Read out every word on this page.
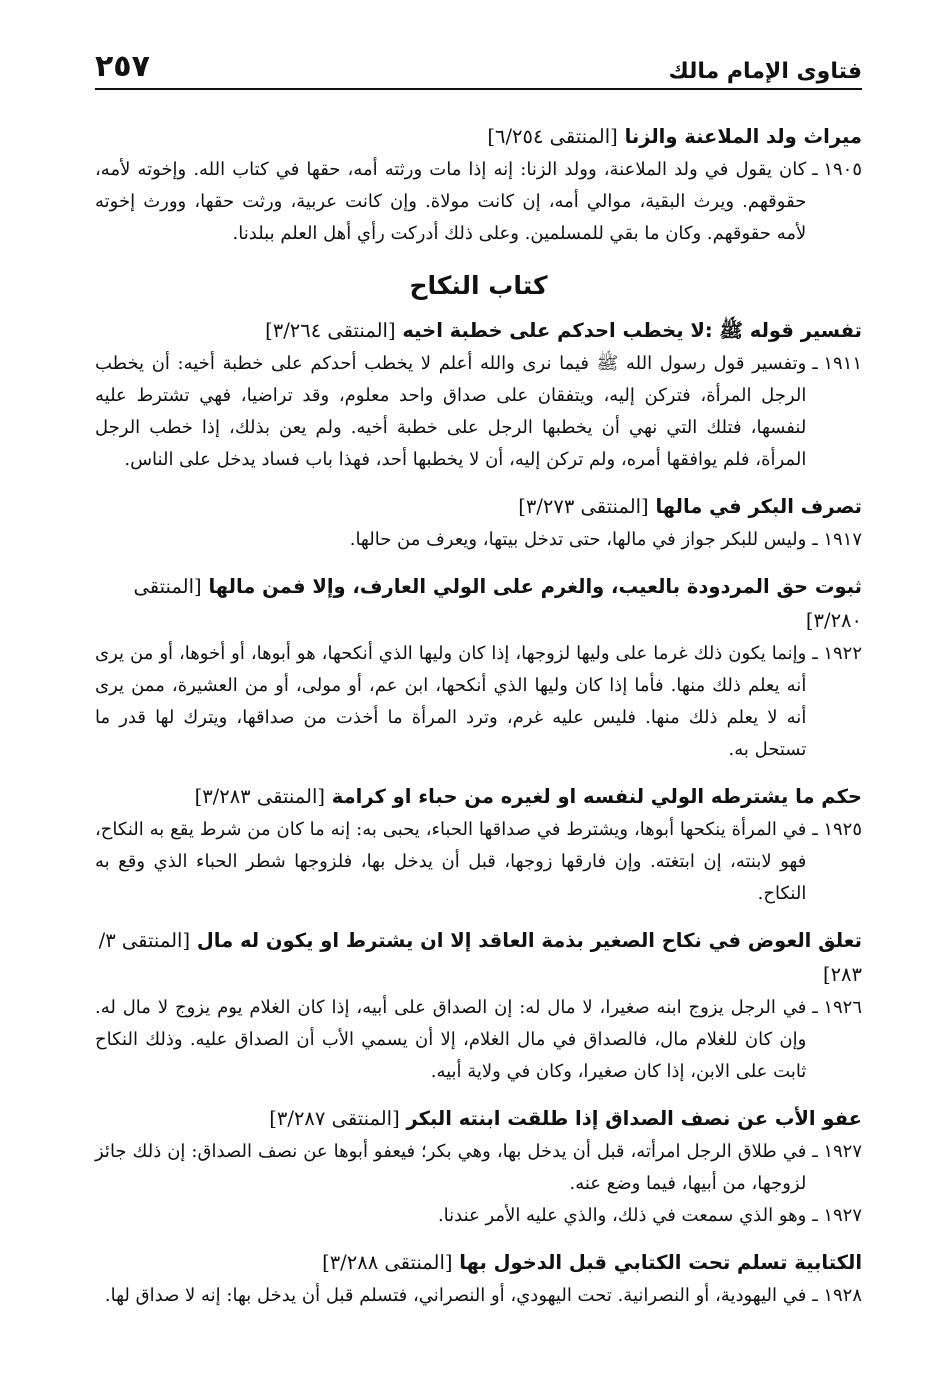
فتاوى الإمام مالك
٢٥٧

ميراث ولد الملاعنة والزنا [المنتقى ٦/٢٥٤]

١٩٠٥ ـ
كان يقول في ولد الملاعنة، وولد الزنا: إنه إذا مات ورثته أمه، حقها في كتاب الله. وإخوته لأمه، حقوقهم. ويرث البقية، موالي أمه، إن كانت مولاة. وإن كانت عربية، ورثت حقها، وورث إخوته لأمه حقوقهم. وكان ما بقي للمسلمين. وعلى ذلك أدركت رأي أهل العلم ببلدنا.
كتاب النكاح

تفسير قوله ﷺ :لا يخطب احدكم على خطبة اخيه [المنتقى ٣/٢٦٤]

١٩١١ ـ
وتفسير قول رسول الله ﷺ فيما نرى والله أعلم لا يخطب أحدكم على خطبة أخيه: أن يخطب الرجل المرأة، فتركن إليه، ويتفقان على صداق واحد معلوم، وقد تراضيا، فهي تشترط عليه لنفسها، فتلك التي نهي أن يخطبها الرجل على خطبة أخيه. ولم يعن بذلك، إذا خطب الرجل المرأة، فلم يوافقها أمره، ولم تركن إليه، أن لا يخطبها أحد، فهذا باب فساد يدخل على الناس.

تصرف البكر في مالها [المنتقى ٣/٢٧٣]

١٩١٧ ـ
وليس للبكر جواز في مالها، حتى تدخل بيتها، ويعرف من حالها.

ثبوت حق المردودة بالعيب، والغرم على الولي العارف، وإلا فمن مالها [المنتقى ٣/٢٨٠]

١٩٢٢ ـ
وإنما يكون ذلك غرما على وليها لزوجها، إذا كان وليها الذي أنكحها، هو أبوها، أو أخوها، أو من يرى أنه يعلم ذلك منها. فأما إذا كان وليها الذي أنكحها، ابن عم، أو مولى، أو من العشيرة، ممن يرى أنه لا يعلم ذلك منها. فليس عليه غرم، وترد المرأة ما أخذت من صداقها، ويترك لها قدر ما تستحل به.

حكم ما يشترطه الولي لنفسه او لغيره من حباء او كرامة [المنتقى ٣/٢٨٣]

١٩٢٥ ـ
في المرأة ينكحها أبوها، ويشترط في صداقها الحباء، يحبى به: إنه ما كان من شرط يقع به النكاح، فهو لابنته، إن ابتغته. وإن فارقها زوجها، قبل أن يدخل بها، فلزوجها شطر الحباء الذي وقع به النكاح.

تعلق العوض في نكاح الصغير بذمة العاقد إلا ان يشترط او يكون له مال [المنتقى ٣/ ٢٨٣]

١٩٢٦ ـ
في الرجل يزوج ابنه صغيرا، لا مال له: إن الصداق على أبيه، إذا كان الغلام يوم يزوج لا مال له. وإن كان للغلام مال، فالصداق في مال الغلام، إلا أن يسمي الأب أن الصداق عليه. وذلك النكاح ثابت على الابن، إذا كان صغيرا، وكان في ولاية أبيه.

عفو الأب عن نصف الصداق إذا طلقت ابنته البكر [المنتقى ٣/٢٨٧]

١٩٢٧ ـ
في طلاق الرجل امرأته، قبل أن يدخل بها، وهي بكر؛ فيعفو أبوها عن نصف الصداق: إن ذلك جائز لزوجها، من أبيها، فيما وضع عنه.
١٩٢٧ ـ
وهو الذي سمعت في ذلك، والذي عليه الأمر عندنا.

الكتابية تسلم تحت الكتابي قبل الدخول بها [المنتقى ٣/٢٨٨]

١٩٢٨ ـ
في اليهودية، أو النصرانية. تحت اليهودي، أو النصراني، فتسلم قبل أن يدخل بها: إنه لا صداق لها.
